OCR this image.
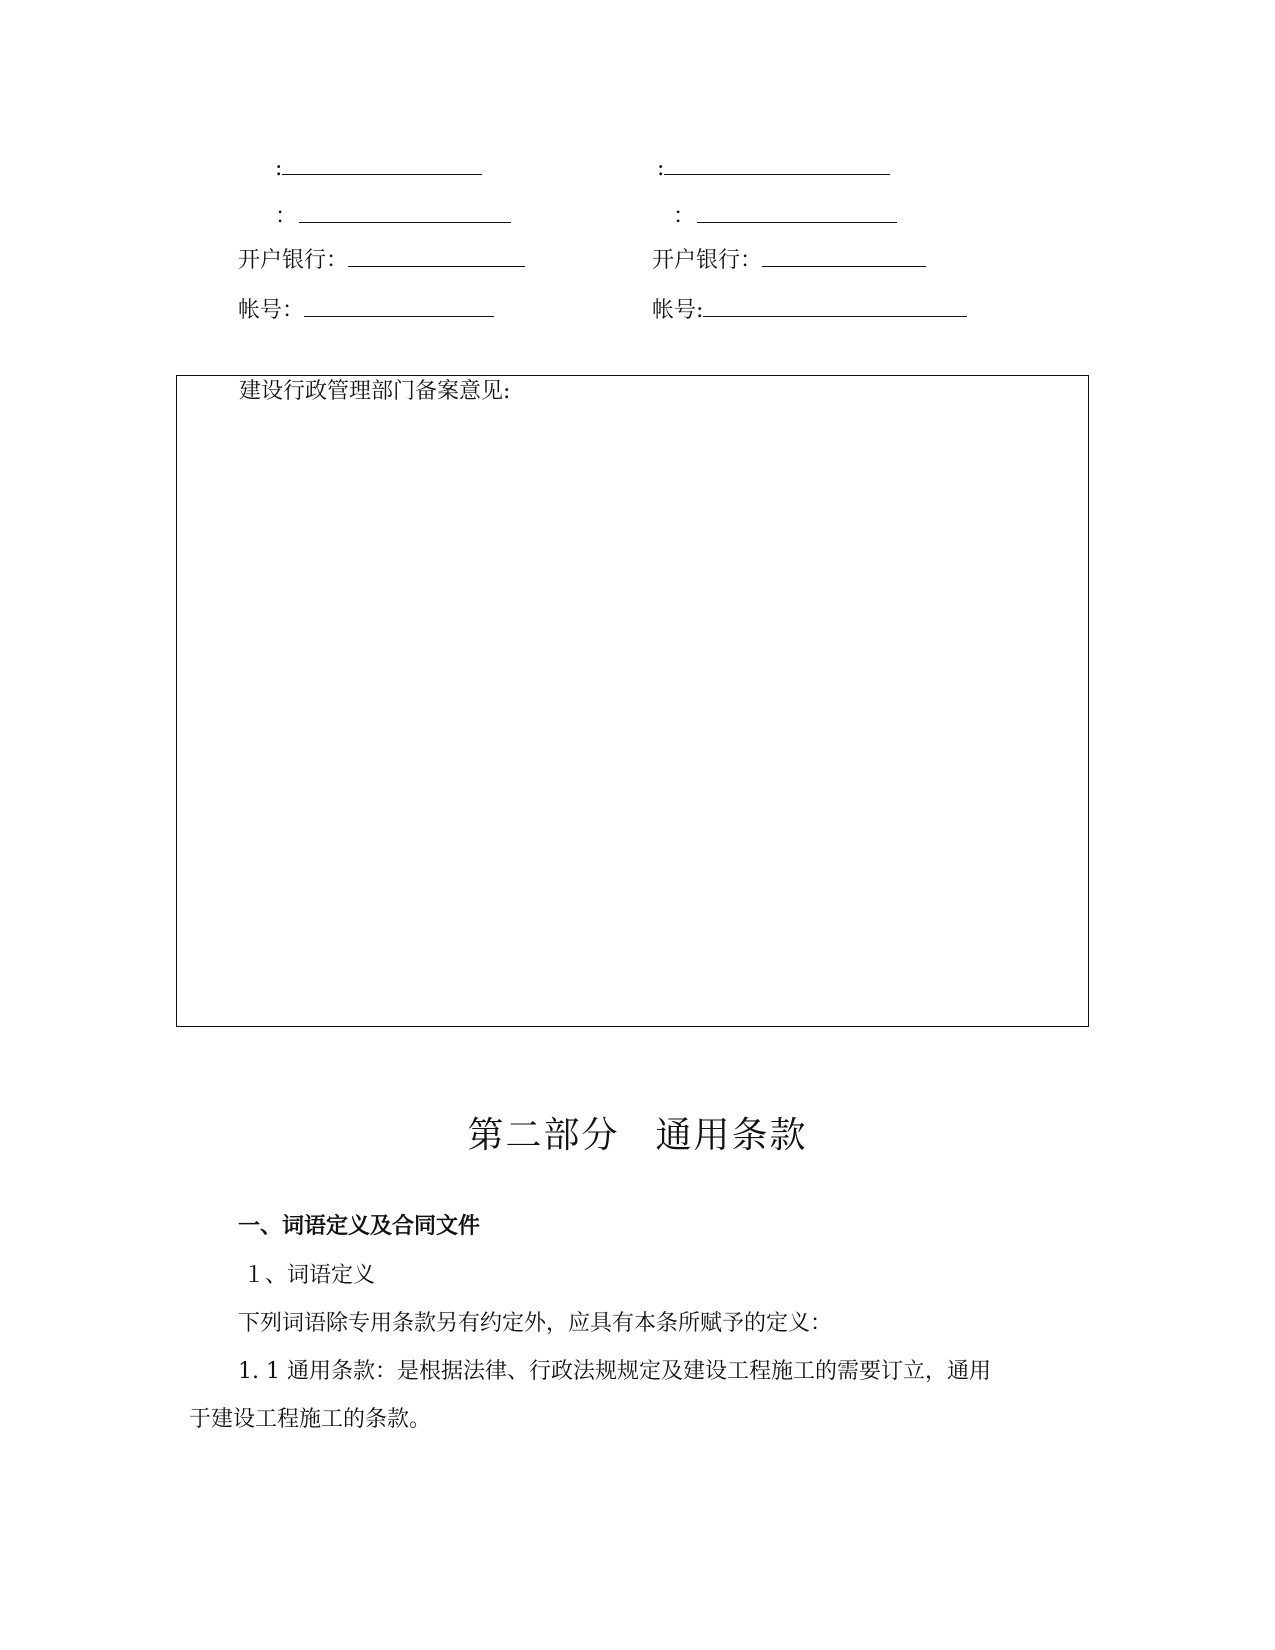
:
：
开户银行：
帐号：
:
：
开户银行：
帐号:
建设行政管理部门备案意见:
第二部分 通用条款
一、词语定义及合同文件
１、词语定义
下列词语除专用条款另有约定外，应具有本条所赋予的定义：
1. 1 通用条款：是根据法律、行政法规规定及建设工程施工的需要订立，通用
于建设工程施工的条款。
